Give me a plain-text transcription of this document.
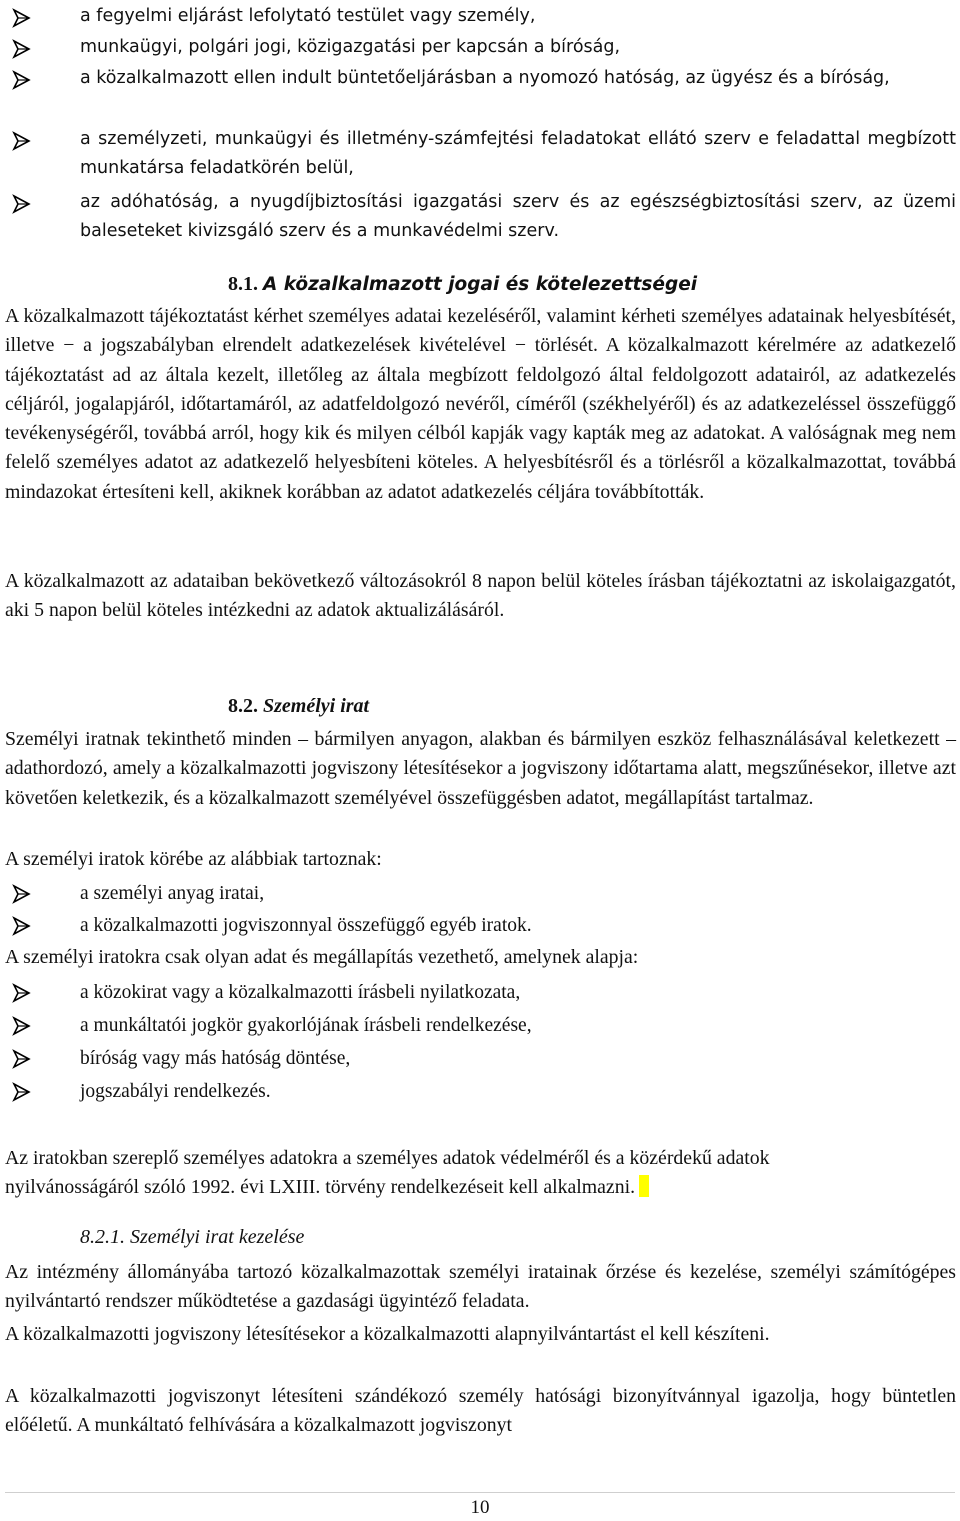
a fegyelmi eljárást lefolytató testület vagy személy,
munkaügyi, polgári jogi, közigazgatási per kapcsán a bíróság,
a közalkalmazott ellen indult büntetőeljárásban a nyomozó hatóság, az ügyész és a bíróság,
a személyzeti, munkaügyi és illetmény-számfejtési feladatokat ellátó szerv e feladattal megbízott munkatársa feladatkörén belül,
az adóhatóság, a nyugdíjbiztosítási igazgatási szerv és az egészségbiztosítási szerv, az üzemi baleseteket kivizsgáló szerv és a munkavédelmi szerv.
8.1. A közalkalmazott jogai és kötelezettségei
A közalkalmazott tájékoztatást kérhet személyes adatai kezeléséről, valamint kérheti személyes adatainak helyesbítését, illetve − a jogszabályban elrendelt adatkezelések kivételével − törlését. A közalkalmazott kérelmére az adatkezelő tájékoztatást ad az általa kezelt, illetőleg az általa megbízott feldolgozó által feldolgozott adatairól, az adatkezelés céljáról, jogalapjáról, időtartamáról, az adatfeldolgozó nevéről, címéről (székhelyéről) és az adatkezeléssel összefüggő tevékenységéről, továbbá arról, hogy kik és milyen célból kapják vagy kapták meg az adatokat. A valóságnak meg nem felelő személyes adatot az adatkezelő helyesbíteni köteles. A helyesbítésről és a törlésről a közalkalmazottat, továbbá mindazokat értesíteni kell, akiknek korábban az adatot adatkezelés céljára továbbították.
A közalkalmazott az adataiban bekövetkező változásokról 8 napon belül köteles írásban tájékoztatni az iskolaigazgatót, aki 5 napon belül köteles intézkedni az adatok aktualizálásáról.
8.2. Személyi irat
Személyi iratnak tekinthető minden – bármilyen anyagon, alakban és bármilyen eszköz felhasználásával keletkezett – adathordozó, amely a közalkalmazotti jogviszony létesítésekor a jogviszony időtartama alatt, megszűnésekor, illetve azt követően keletkezik, és a közalkalmazott személyével összefüggésben adatot, megállapítást tartalmaz.
A személyi iratok körébe az alábbiak tartoznak:
a személyi anyag iratai,
a közalkalmazotti jogviszonnyal összefüggő egyéb iratok.
A személyi iratokra csak olyan adat és megállapítás vezethető, amelynek alapja:
a közokirat vagy a közalkalmazotti írásbeli nyilatkozata,
a munkáltatói jogkör gyakorlójának írásbeli rendelkezése,
bíróság vagy más hatóság döntése,
jogszabályi rendelkezés.
Az iratokban szereplő személyes adatokra a személyes adatok védelméről és a közérdekű adatok nyilvánosságáról szóló 1992. évi LXIII. törvény rendelkezéseit kell alkalmazni.
8.2.1. Személyi irat kezelése
Az intézmény állományába tartozó közalkalmazottak személyi iratainak őrzése és kezelése, személyi számítógépes nyilvántartó rendszer működtetése a gazdasági ügyintéző feladata.
A közalkalmazotti jogviszony létesítésekor a közalkalmazotti alapnyilvántartást el kell készíteni.
A közalkalmazotti jogviszonyt létesíteni szándékozó személy hatósági bizonyítvánnyal igazolja, hogy büntetlen előéletű. A munkáltató felhívására a közalkalmazott jogviszonyt
10
